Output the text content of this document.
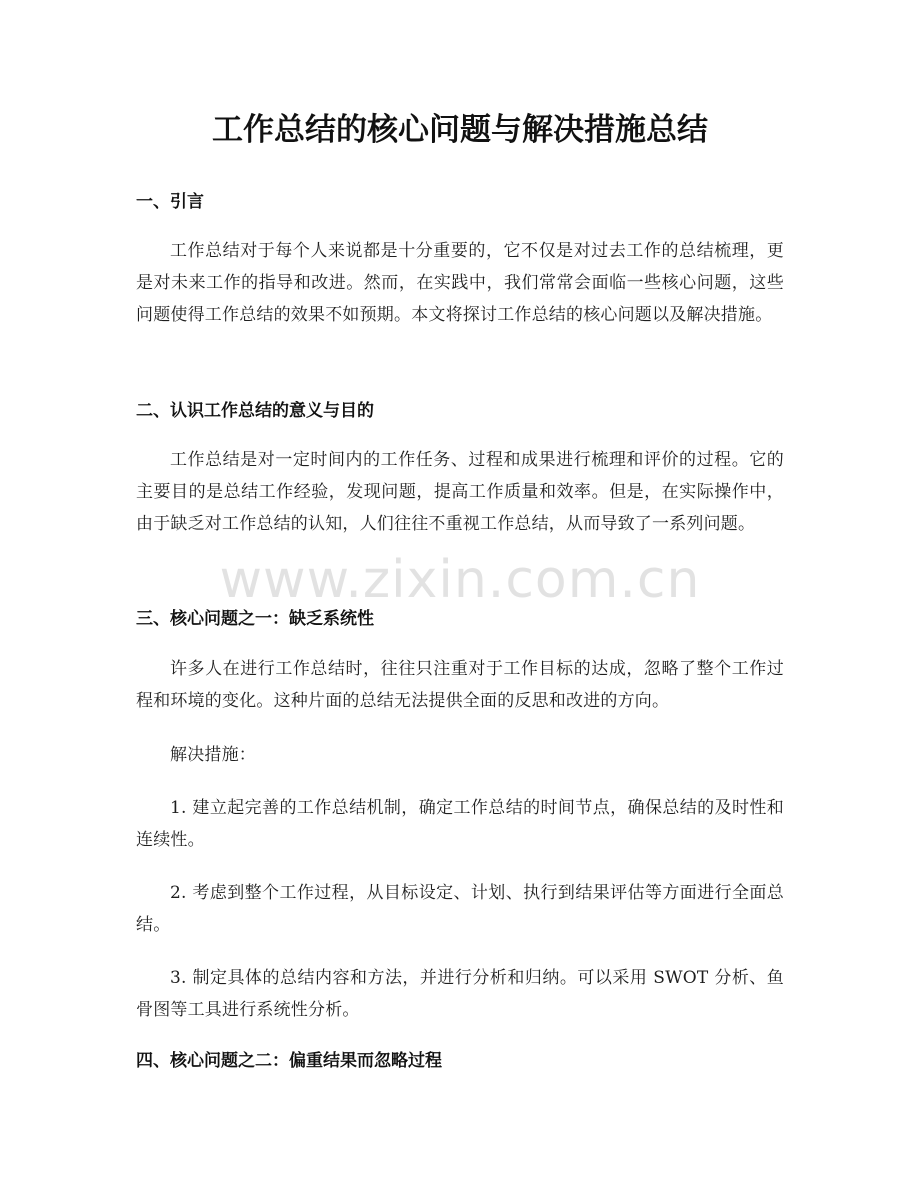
工作总结的核心问题与解决措施总结
一、引言

工作总结对于每个人来说都是十分重要的，它不仅是对过去工作的总结梳理，更是对未来工作的指导和改进。然而，在实践中，我们常常会面临一些核心问题，这些问题使得工作总结的效果不如预期。本文将探讨工作总结的核心问题以及解决措施。

二、认识工作总结的意义与目的

工作总结是对一定时间内的工作任务、过程和成果进行梳理和评价的过程。它的主要目的是总结工作经验，发现问题，提高工作质量和效率。但是，在实际操作中，由于缺乏对工作总结的认知，人们往往不重视工作总结，从而导致了一系列问题。

三、核心问题之一：缺乏系统性

许多人在进行工作总结时，往往只注重对于工作目标的达成，忽略了整个工作过程和环境的变化。这种片面的总结无法提供全面的反思和改进的方向。

解决措施：

1. 建立起完善的工作总结机制，确定工作总结的时间节点，确保总结的及时性和连续性。

2. 考虑到整个工作过程，从目标设定、计划、执行到结果评估等方面进行全面总结。

3. 制定具体的总结内容和方法，并进行分析和归纳。可以采用 SWOT 分析、鱼骨图等工具进行系统性分析。

四、核心问题之二：偏重结果而忽略过程
www.zixin.com.cn
